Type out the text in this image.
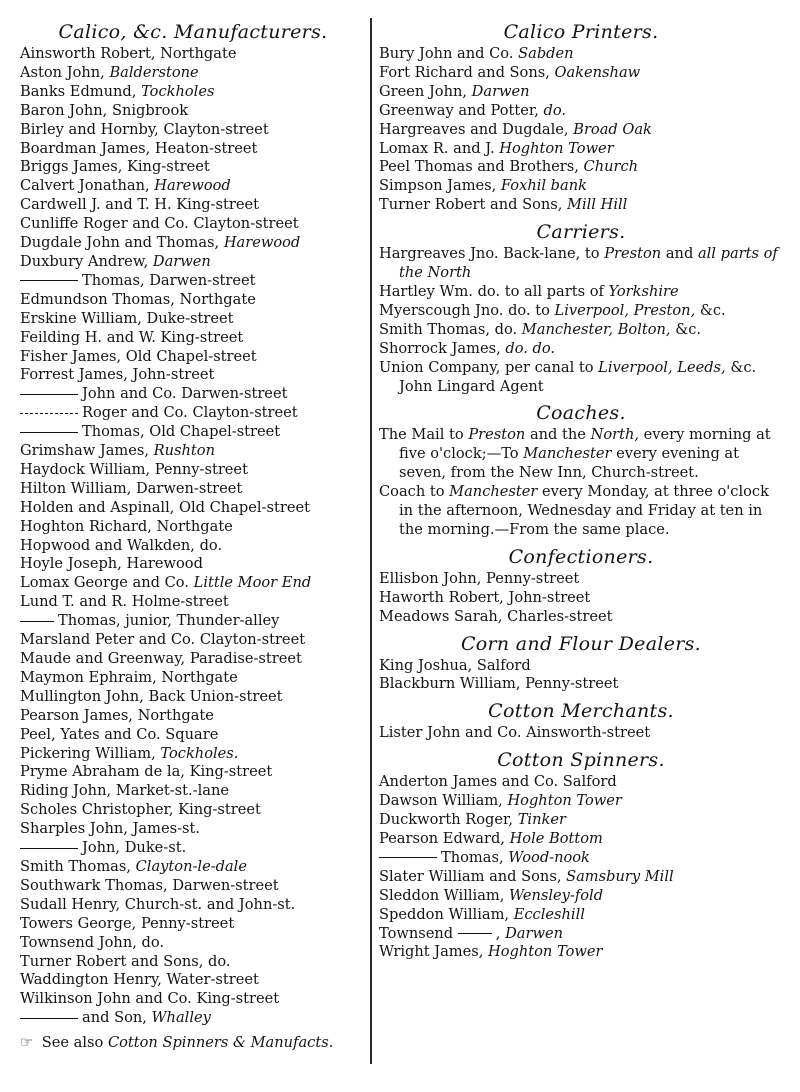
Calico, &c. Manufacturers.
Ainsworth Robert, Northgate
Aston John, Balderstone
Banks Edmund, Tockholes
Baron John, Snigbrook
Birley and Hornby, Clayton-street
Boardman James, Heaton-street
Briggs James, King-street
Calvert Jonathan, Harewood
Cardwell J. and T. H. King-street
Cunliffe Roger and Co. Clayton-street
Dugdale John and Thomas, Harewood
Duxbury Andrew, Darwen
Thomas, Darwen-street
Edmundson Thomas, Northgate
Erskine William, Duke-street
Feilding H. and W. King-street
Fisher James, Old Chapel-street
Forrest James, John-street
John and Co. Darwen-street
Roger and Co. Clayton-street
Thomas, Old Chapel-street
Grimshaw James, Rushton
Haydock William, Penny-street
Hilton William, Darwen-street
Holden and Aspinall, Old Chapel-street
Hoghton Richard, Northgate
Hopwood and Walkden, do.
Hoyle Joseph, Harewood
Lomax George and Co. Little Moor End
Lund T. and R. Holme-street
Thomas, junior, Thunder-alley
Marsland Peter and Co. Clayton-street
Maude and Greenway, Paradise-street
Maymon Ephraim, Northgate
Mullington John, Back Union-street
Pearson James, Northgate
Peel, Yates and Co. Square
Pickering William, Tockholes.
Pryme Abraham de la, King-street
Riding John, Market-st.-lane
Scholes Christopher, King-street
Sharples John, James-st.
John, Duke-st.
Smith Thomas, Clayton-le-dale
Southwark Thomas, Darwen-street
Sudall Henry, Church-st. and John-st.
Towers George, Penny-street
Townsend John, do.
Turner Robert and Sons, do.
Waddington Henry, Water-street
Wilkinson John and Co. King-street
and Son, Whalley
☞ See also Cotton Spinners & Manufacts.
Calico Printers.
Bury John and Co. Sabden
Fort Richard and Sons, Oakenshaw
Green John, Darwen
Greenway and Potter, do.
Hargreaves and Dugdale, Broad Oak
Lomax R. and J. Hoghton Tower
Peel Thomas and Brothers, Church
Simpson James, Foxhil bank
Turner Robert and Sons, Mill Hill
Carriers.
Hargreaves Jno. Back-lane, to Preston and all parts of the North
Hartley Wm. do. to all parts of Yorkshire
Myerscough Jno. do. to Liverpool, Preston, &c.
Smith Thomas, do. Manchester, Bolton, &c.
Shorrock James, do. do.
Union Company, per canal to Liverpool, Leeds, &c. John Lingard Agent
Coaches.
The Mail to Preston and the North, every morning at five o'clock;—To Manchester every evening at seven, from the New Inn, Church-street.
Coach to Manchester every Monday, at three o'clock in the afternoon, Wednesday and Friday at ten in the morning.—From the same place.
Confectioners.
Ellisbon John, Penny-street
Haworth Robert, John-street
Meadows Sarah, Charles-street
Corn and Flour Dealers.
King Joshua, Salford
Blackburn William, Penny-street
Cotton Merchants.
Lister John and Co. Ainsworth-street
Cotton Spinners.
Anderton James and Co. Salford
Dawson William, Hoghton Tower
Duckworth Roger, Tinker
Pearson Edward, Hole Bottom
Thomas, Wood-nook
Slater William and Sons, Samsbury Mill
Sleddon William, Wensley-fold
Speddon William, Eccleshill
Townsend	, Darwen
Wright James, Hoghton Tower
